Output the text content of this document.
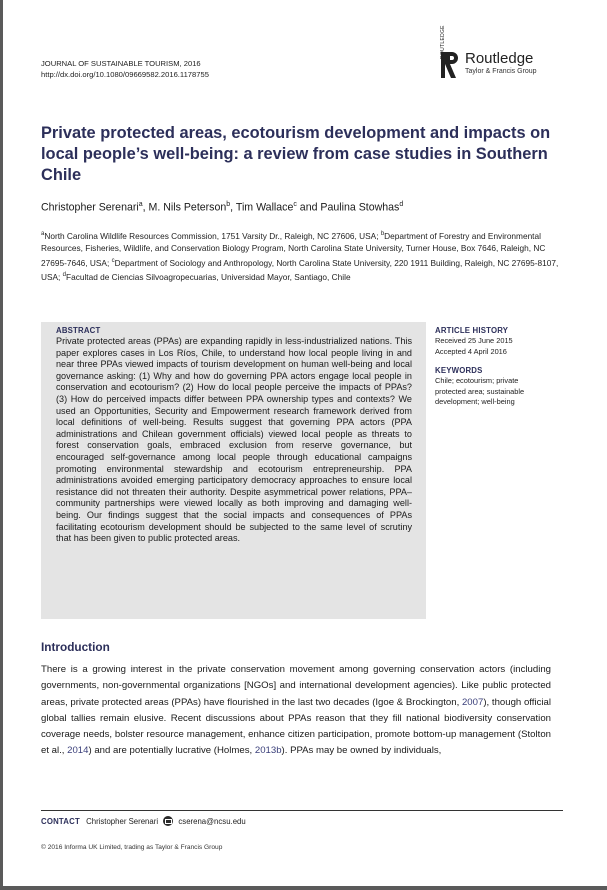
JOURNAL OF SUSTAINABLE TOURISM, 2016
http://dx.doi.org/10.1080/09669582.2016.1178755
ROUTLEDGE Routledge
Taylor & Francis Group
Private protected areas, ecotourism development and impacts on local people’s well-being: a review from case studies in Southern Chile
Christopher Serenari$^a$, M. Nils Peterson$^b$, Tim Wallace$^c$ and Paulina Stowhas$^d$

$^a$North Carolina Wildlife Resources Commission, 1751 Varsity Dr., Raleigh, NC 27606, USA; $^b$Department of Forestry and Environmental Resources, Fisheries, Wildlife, and Conservation Biology Program, North Carolina State University, Turner House, Box 7646, Raleigh, NC 27695-7646, USA; $^c$Department of Sociology and Anthropology, North Carolina State University, 220 1911 Building, Raleigh, NC 27695-8107, USA; $^d$Facultad de Ciencias Silvoagropecuarias, Universidad Mayor, Santiago, Chile

ABSTRACT

Private protected areas (PPAs) are expanding rapidly in less-industrialized nations. This paper explores cases in Los Ríos, Chile, to understand how local people living in and near three PPAs viewed impacts of tourism development on human well-being and local governance asking: (1) Why and how do governing PPA actors engage local people in conservation and ecotourism? (2) How do local people perceive the impacts of PPAs? (3) How do perceived impacts differ between PPA ownership types and contexts? We used an Opportunities, Security and Empowerment research framework derived from local definitions of well-being. Results suggest that governing PPA actors (PPA administrations and Chilean government officials) viewed local people as threats to forest conservation goals, embraced exclusion from reserve governance, but encouraged self-governance among local people through educational campaigns promoting environmental stewardship and ecotourism entrepreneurship. PPA administrations avoided emerging participatory democracy approaches to ensure local resistance did not threaten their authority. Despite asymmetrical power relations, PPA–community partnerships were viewed locally as both improving and damaging well-being. Our findings suggest that the social impacts and consequences of PPAs facilitating ecotourism development should be subjected to the same level of scrutiny that has been given to public protected areas.

ARTICLE HISTORY
Received 25 June 2015
Accepted 4 April 2016
KEYWORDS
Chile; ecotourism; private
protected area; sustainable
development; well-being
Introduction

There is a growing interest in the private conservation movement among governing conservation actors (including governments, non-governmental organizations [NGOs] and international development agencies). Like public protected areas, private protected areas (PPAs) have flourished in the last two decades (Igoe & Brockington, 2007), though official global tallies remain elusive. Recent discussions about PPAs reason that they fill national biodiversity conservation coverage needs, bolster resource management, enhance citizen participation, promote bottom-up management (Stolton et al., 2014) and are potentially lucrative (Holmes, 2013b). PPAs may be owned by individuals,

CONTACT Christopher Serenari	cserena@ncsu.edu
© 2016 Informa UK Limited, trading as Taylor & Francis Group
